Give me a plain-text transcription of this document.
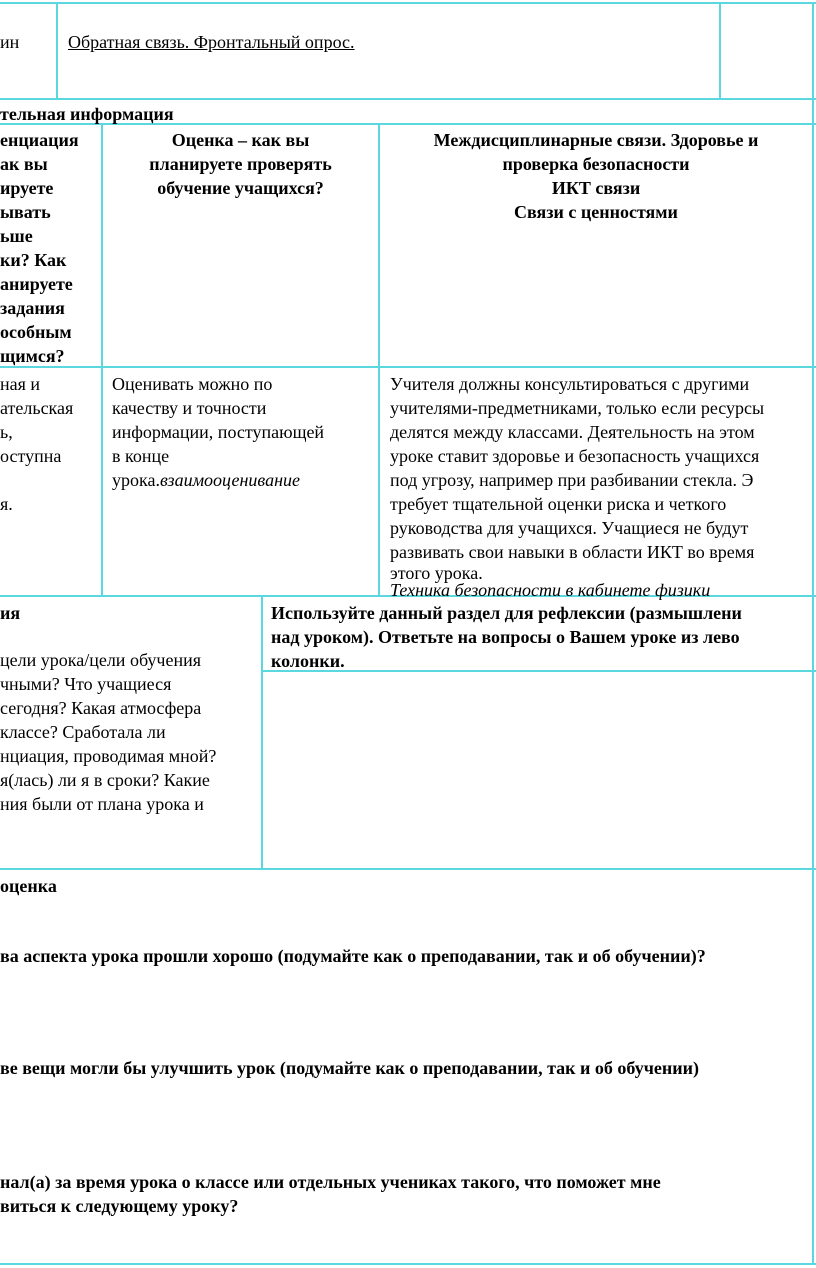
ин	Обратная связь. Фронтальный опрос.
тельная информация
енциация
ак вы
ируете
ывать
ьше
ки? Как
анируете
задания
особным
щимся?
Оценка – как вы
планируете проверять
обучение учащихся?
Междисциплинарные связи. Здоровье и
проверка безопасности
ИКТ связи
Связи с ценностями
ная и
ательская
ь,
оступна
я.
Оценивать можно по
качеству и точности
информации, поступающей
в конце
урока.взаимооценивание
Учителя должны консультироваться с другими
учителями-предметниками, только если ресурсы
делятся между классами. Деятельность на этом
уроке ставит здоровье и безопасность учащихся
под угрозу, например при разбивании стекла. Э
требует тщательной оценки риска и четкого
руководства для учащихся. Учащиеся не будут
развивать свои навыки в области ИКТ во время
этого урока.
Техника безопасности в кабинете физики
ия
цели урока/цели обучения
чными? Что учащиеся
сегодня? Какая атмосфера
классе? Сработала ли
нциация, проводимая мной?
я(лась) ли я в сроки? Какие
ния были от плана урока и
Используйте данный раздел для рефлексии (размышлени
над уроком). Ответьте на вопросы о Вашем уроке из лево
колонки.
оценка
ва аспекта урока прошли хорошо (подумайте как о преподавании, так и об обучении)?
ве вещи могли бы улучшить урок (подумайте как о преподавании, так и об обучении)
нал(а) за время урока о классе или отдельных учениках такого, что поможет мне
виться к следующему уроку?
